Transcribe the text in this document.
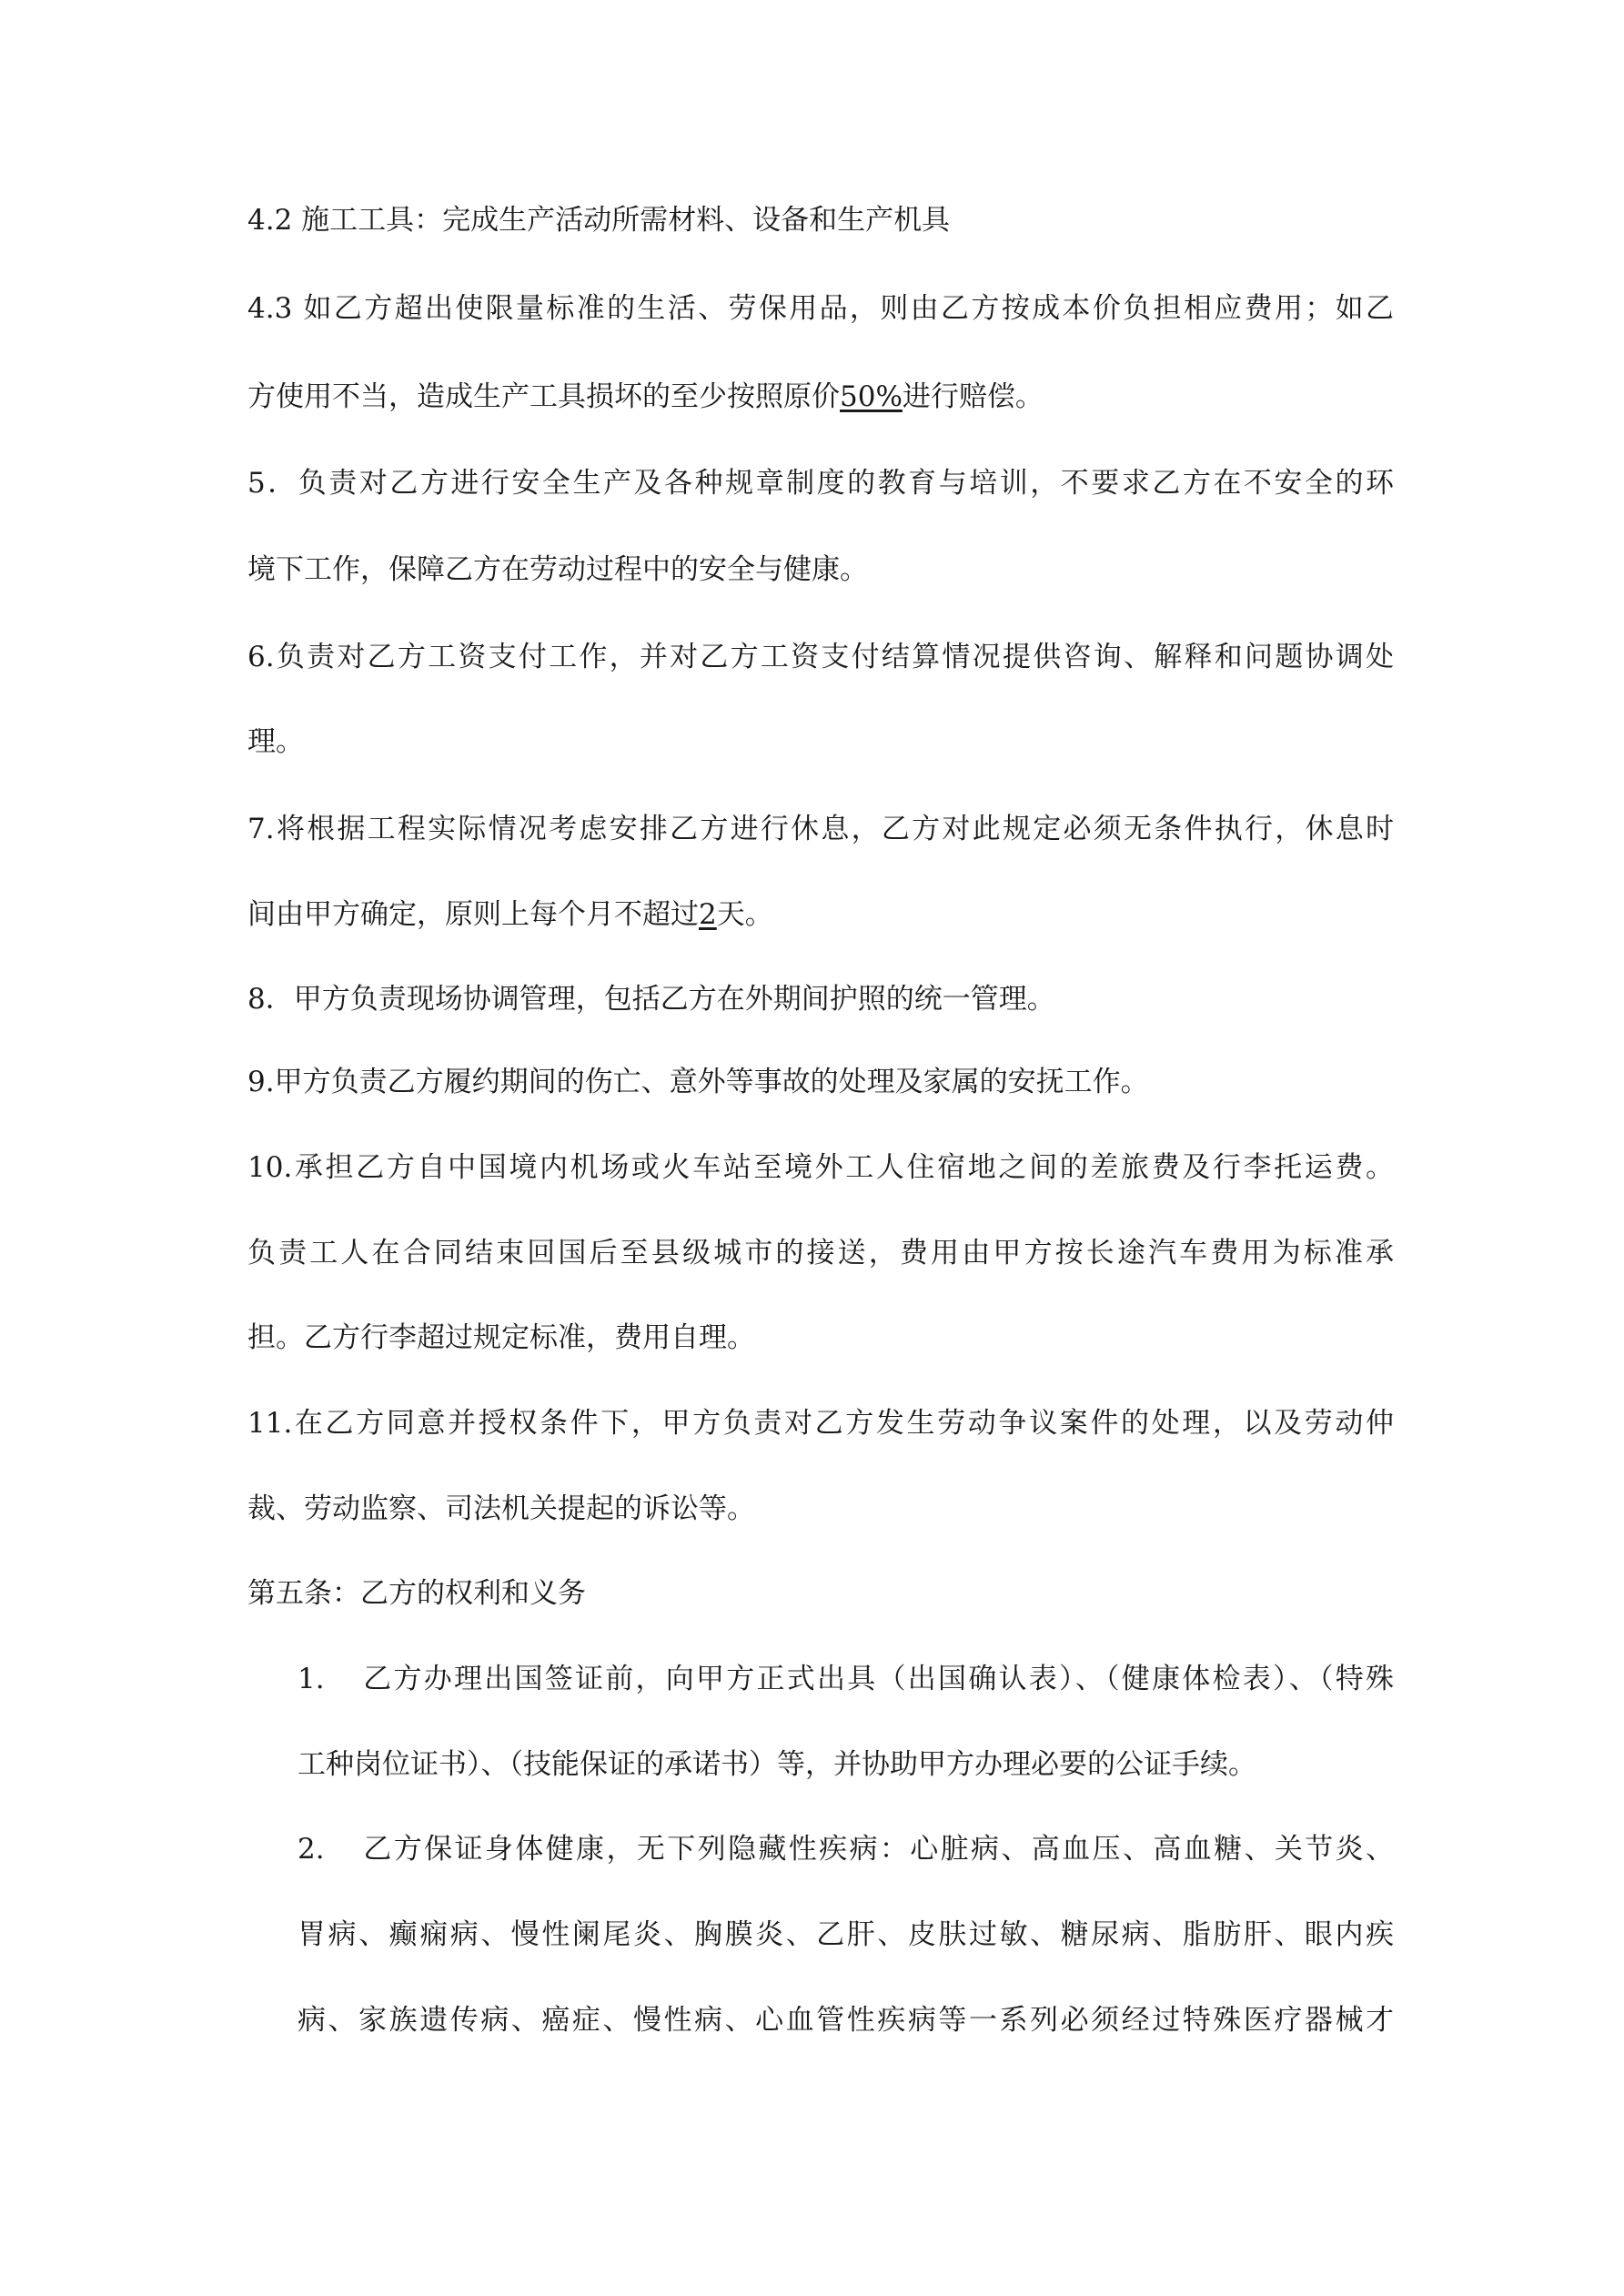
4.2 施工工具：完成生产活动所需材料、设备和生产机具
4.3 如乙方超出使限量标准的生活、劳保用品，则由乙方按成本价负担相应费用；如乙
方使用不当，造成生产工具损坏的至少按照原价50%进行赔偿。
5．负责对乙方进行安全生产及各种规章制度的教育与培训，不要求乙方在不安全的环
境下工作，保障乙方在劳动过程中的安全与健康。
6.负责对乙方工资支付工作，并对乙方工资支付结算情况提供咨询、解释和问题协调处
理。
7.将根据工程实际情况考虑安排乙方进行休息，乙方对此规定必须无条件执行，休息时
间由甲方确定，原则上每个月不超过2天。
8．甲方负责现场协调管理，包括乙方在外期间护照的统一管理。
9.甲方负责乙方履约期间的伤亡、意外等事故的处理及家属的安抚工作。
10.承担乙方自中国境内机场或火车站至境外工人住宿地之间的差旅费及行李托运费。
负责工人在合同结束回国后至县级城市的接送，费用由甲方按长途汽车费用为标准承
担。乙方行李超过规定标准，费用自理。
11.在乙方同意并授权条件下，甲方负责对乙方发生劳动争议案件的处理，以及劳动仲
裁、劳动监察、司法机关提起的诉讼等。
第五条：乙方的权利和义务
1. 乙方办理出国签证前，向甲方正式出具（出国确认表）、（健康体检表）、（特殊
工种岗位证书）、（技能保证的承诺书）等，并协助甲方办理必要的公证手续。
2. 乙方保证身体健康，无下列隐藏性疾病：心脏病、高血压、高血糖、关节炎、
胃病、癫痫病、慢性阑尾炎、胸膜炎、乙肝、皮肤过敏、糖尿病、脂肪肝、眼内疾
病、家族遗传病、癌症、慢性病、心血管性疾病等一系列必须经过特殊医疗器械才
